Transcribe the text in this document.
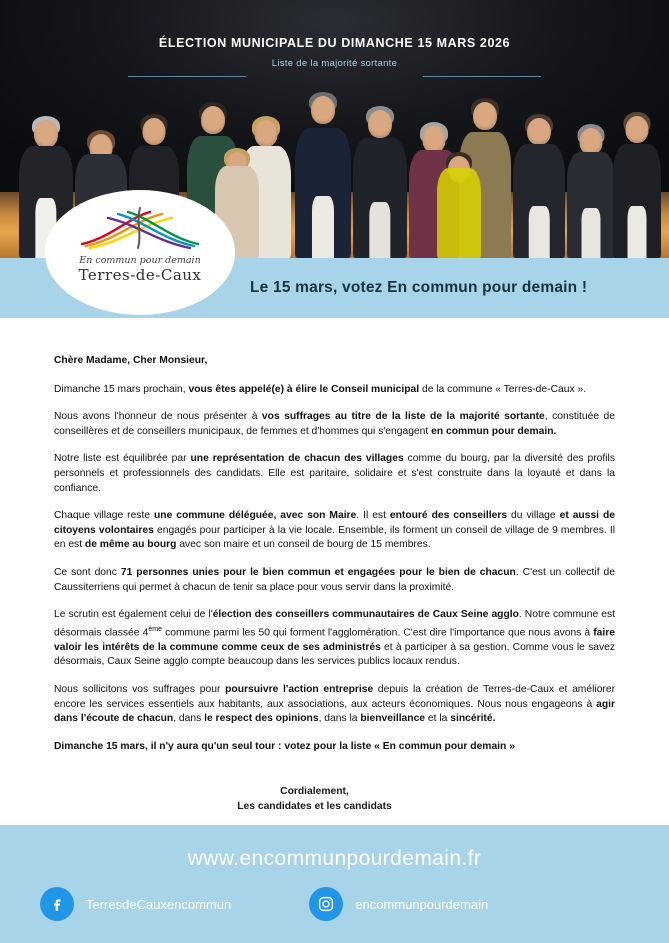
ÉLECTION MUNICIPALE DU DIMANCHE 15 MARS 2026
Liste de la majorité sortante
Le 15 mars, votez En commun pour demain !
En commun pour demain
Terres-de-Caux

Chère Madame, Cher Monsieur,

Dimanche 15 mars prochain, vous êtes appelé(e) à élire le Conseil municipal de la commune « Terres-de-Caux ».

Nous avons l'honneur de nous présenter à vos suffrages au titre de la liste de la majorité sortante, constituée de conseillères et de conseillers municipaux, de femmes et d'hommes qui s'engagent en commun pour demain.

Notre liste est équilibrée par une représentation de chacun des villages comme du bourg, par la diversité des profils personnels et professionnels des candidats. Elle est paritaire, solidaire et s'est construite dans la loyauté et dans la confiance.

Chaque village reste une commune déléguée, avec son Maire. Il est entouré des conseillers du village et aussi de citoyens volontaires engagés pour participer à la vie locale. Ensemble, ils forment un conseil de village de 9 membres. Il en est de même au bourg avec son maire et un conseil de bourg de 15 membres.

Ce sont donc 71 personnes unies pour le bien commun et engagées pour le bien de chacun. C'est un collectif de Caussiterriens qui permet à chacun de tenir sa place pour vous servir dans la proximité.

Le scrutin est également celui de l'élection des conseillers communautaires de Caux Seine agglo. Notre commune est désormais classée 4ème commune parmi les 50 qui forment l'agglomération. C'est dire l'importance que nous avons à faire valoir les intérêts de la commune comme ceux de ses administrés et à participer à sa gestion. Comme vous le savez désormais, Caux Seine agglo compte beaucoup dans les services publics locaux rendus.

Nous sollicitons vos suffrages pour poursuivre l'action entreprise depuis la création de Terres-de-Caux et améliorer encore les services essentiels aux habitants, aux associations, aux acteurs économiques. Nous nous engageons à agir dans l'écoute de chacun, dans le respect des opinions, dans la bienveillance et la sincérité.

Dimanche 15 mars, il n'y aura qu'un seul tour : votez pour la liste « En commun pour demain »

Cordialement,
Les candidates et les candidats
www.encommunpourdemain.fr
TerresdeCauxencommun	encommunpourdemain
